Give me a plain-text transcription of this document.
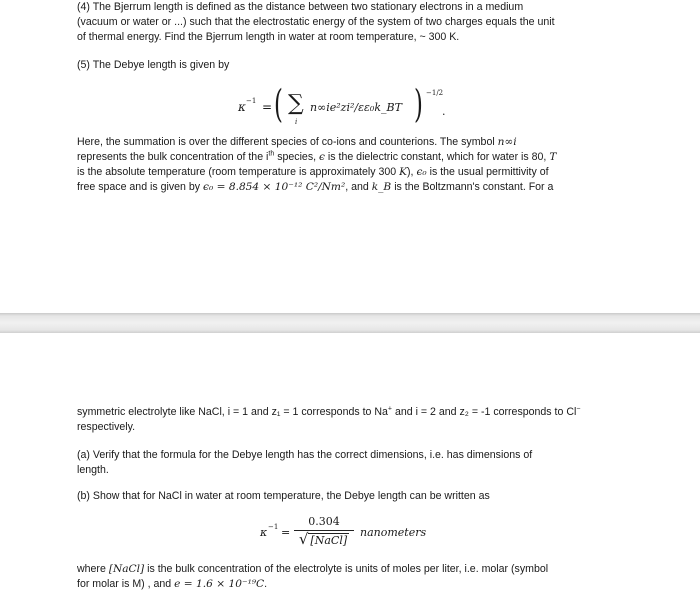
(4) The Bjerrum length is defined as the distance between two stationary electrons in a medium
(vacuum or water or ...) such that the electrostatic energy of the system of two charges equals the unit
of thermal energy. Find the Bjerrum length in water at room temperature, ~ 300 K.

(5) The Debye length is given by

κ −1 = ( ∑
i
n∞ie²zi²/εε₀k_BT ) −1/2
.

Here, the summation is over the different species of co-ions and counterions. The symbol n∞i
represents the bulk concentration of the $i^{th}$ species, ϵ is the dielectric constant, which for water is 80, T
is the absolute temperature (room temperature is approximately 300 K), ϵ₀ is the usual permittivity of
free space and is given by ϵ₀ = 8.854 × 10⁻¹² C²/Nm², and k_B is the Boltzmann's constant. For a

symmetric electrolyte like NaCl, i = 1 and z₁ = 1 corresponds to Na+ and i = 2 and z₂ = -1 corresponds to Cl−
respectively.

(a) Verify that the formula for the Debye length has the correct dimensions, i.e. has dimensions of
length.

(b) Show that for NaCl in water at room temperature, the Debye length can be written as

κ −1 =
0.304
√ [NaCl]
nanometers

where [NaCl] is the bulk concentration of the electrolyte is units of moles per liter, i.e. molar (symbol
for molar is M) , and e = 1.6 × 10⁻¹⁹C.
